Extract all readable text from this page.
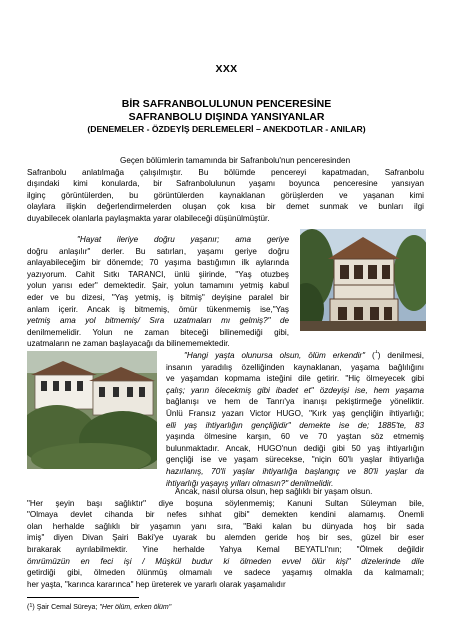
XXX
BİR SAFRANBOLULUNUN PENCERESİNE
SAFRANBOLU DIŞINDA YANSIYANLAR
(DENEMELER - ÖZDEYİŞ DERLEMELERİ – ANEKDOTLAR - ANILAR)
Geçen bölümlerin tamamında bir Safranbolu'nun penceresinden
Safranbolu anlatılmağa çalışılmıştır. Bu bölümde pencereyi kapatmadan, Safranbolu
dışındaki kimi konularda, bir Safranbolulunun yaşamı boyunca penceresine yansıyan
ilginç görüntülerden, bu görüntülerden kaynaklanan görüşlerden ve yaşanan kimi
olaylara ilişkin değerlendirmelerden oluşan çok kısa bir demet sunmak ve bunları ilgi
duyabilecek olanlarla paylaşmakta yarar olabileceği düşünülmüştür.
"Hayat ileriye doğru yaşanır; ama geriye
doğru anlaşılır" derler. Bu satırları, yaşamı geriye doğru
anlayabileceğim bir dönemde; 70 yaşıma bastığımın ilk aylarında
yazıyorum. Cahit Sıtkı TARANCI, ünlü şiirinde, "Yaş otuzbeş
yolun yarısı eder" demektedir. Şair, yolun tamamını yetmiş kabul
eder ve bu dizesi, "Yaş yetmiş, iş bitmiş" deyişine paralel bir
anlam içerir. Ancak iş bitmemiş, ömür tükenmemiş ise,"Yaş
yetmiş ama yol bitmemiş/ Sıra uzatmaları mı gelmiş?" de
denilmemelidir. Yolun ne zaman biteceği bilinemediği gibi,
uzatmaların ne zaman başlayacağı da bilinememektedir.
"Hangi yaşta olunursa olsun, ölüm erkendir" ($^1$) denilmesi,
insanın yaradılış özelliğinden kaynaklanan, yaşama bağlılığını
ve yaşamdan kopmama isteğini dile getirir. "Hiç ölmeyecek gibi
çalış; yarın ölecekmiş gibi ibadet et" özdeyişi ise, hem yaşama
bağlanışı ve hem de Tanrı'ya inanışı pekiştirmeğe yöneliktir.
Ünlü Fransız yazarı Victor HUGO, "Kırk yaş gençliğin ihtiyarlığı;
elli yaş ihtiyarlığın gençliğidir" demekte ise de; 1885'te, 83
yaşında ölmesine karşın, 60 ve 70 yaştan söz etmemiş
bulunmaktadır. Ancak, HUGO'nun dediği gibi 50 yaş ihtiyarlığın
gençliği ise ve yaşam sürecekse, "niçin 60'lı yaşlar ihtiyarlığa
hazırlanış, 70'li yaşlar ihtiyarlığa başlangıç ve 80'li yaşlar da
ihtiyarlığı yaşayış yılları olmasın?" denilmelidir.
Ancak, nasıl olursa olsun, hep sağlıklı bir yaşam olsun.
"Her şeyin başı sağlıktır" diye boşuna söylenmemiş; Kanuni Sultan Süleyman bile,
"Olmaya devlet cihanda bir nefes sıhhat gibi" demekten kendini alamamış. Önemli
olan herhalde sağlıklı bir yaşamın yanı sıra, "Baki kalan bu dünyada hoş bir sada
imiş" diyen Divan Şairi Baki'ye uyarak bu alemden geride hoş bir ses, güzel bir eser
bırakarak ayrılabilmektir. Yine herhalde Yahya Kemal BEYATLI'nın; "Ölmek değildir
ömrümüzün en feci işi / Müşkül budur ki ölmeden evvel ölür kişi" dizelerinde dile
getirdiği gibi, ölmeden ölünmüş olmamalı ve sadece yaşamış olmakla da kalmamalı;
her yaşta, "karınca kararınca" hep üreterek ve yararlı olarak yaşamalıdır
($^1$) Şair Cemal Süreya; "Her ölüm, erken ölüm"
